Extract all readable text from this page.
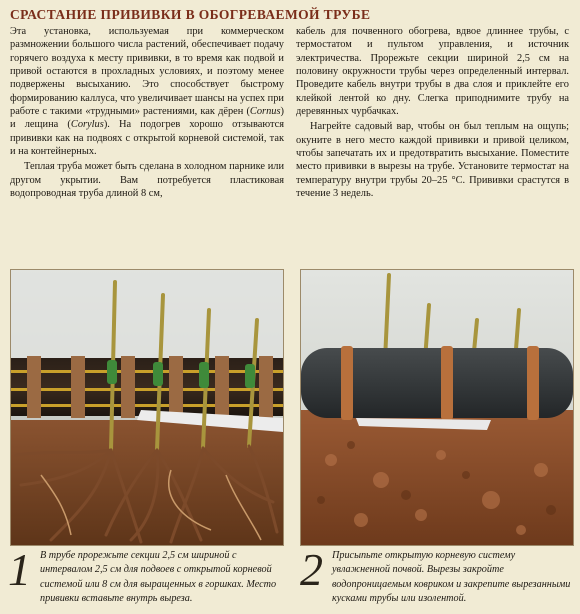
СРАСТАНИЕ ПРИВИВКИ В ОБОГРЕВАЕМОЙ ТРУБЕ

Эта установка, используемая при коммерческом размножении большого числа растений, обеспечивает подачу горячего воздуха к месту прививки, в то время как подвой и привой остаются в прохладных условиях, и поэтому менее подвержены высыханию. Это способствует быстрому формированию каллуса, что увеличивает шансы на успех при работе с такими «трудными» растениями, как дёрен (Cornus) и лещина (Corylus). На подогрев хорошо отзываются прививки как на подвоях с открытой корневой системой, так и на контейнерных.

Теплая труба может быть сделана в холодном парнике или другом укрытии. Вам потребуется пластиковая водопроводная труба длиной 8 см,

кабель для почвенного обогрева, вдвое длиннее трубы, с термостатом и пультом управления, и источник электричества. Прорежьте секции шириной 2,5 см на половину окружности трубы через определенный интервал. Проведите кабель внутри трубы в два слоя и приклейте его клейкой лентой ко дну. Слегка приподнимите трубу на деревянных чурбачках.

Нагрейте садовый вар, чтобы он был теплым на ощупь; окуните в него место каждой прививки и привой целиком, чтобы запечатать их и предотвратить высыхание. Поместите место прививки в вырезы на трубе. Установите термостат на температуру внутри трубы 20–25 °С. Прививки срастутся в течение 3 недель.

1 В трубе прорежьте секции 2,5 см шириной с интервалом 2,5 см для подвоев с открытой корневой системой или 8 см для выращенных в горшках. Место прививки вставьте внутрь выреза.
2 Присыпьте открытую корневую систему увлажненной почвой. Вырезы закройте водопроницаемым ковриком и закрепите вырезанными кусками трубы или изолентой.
